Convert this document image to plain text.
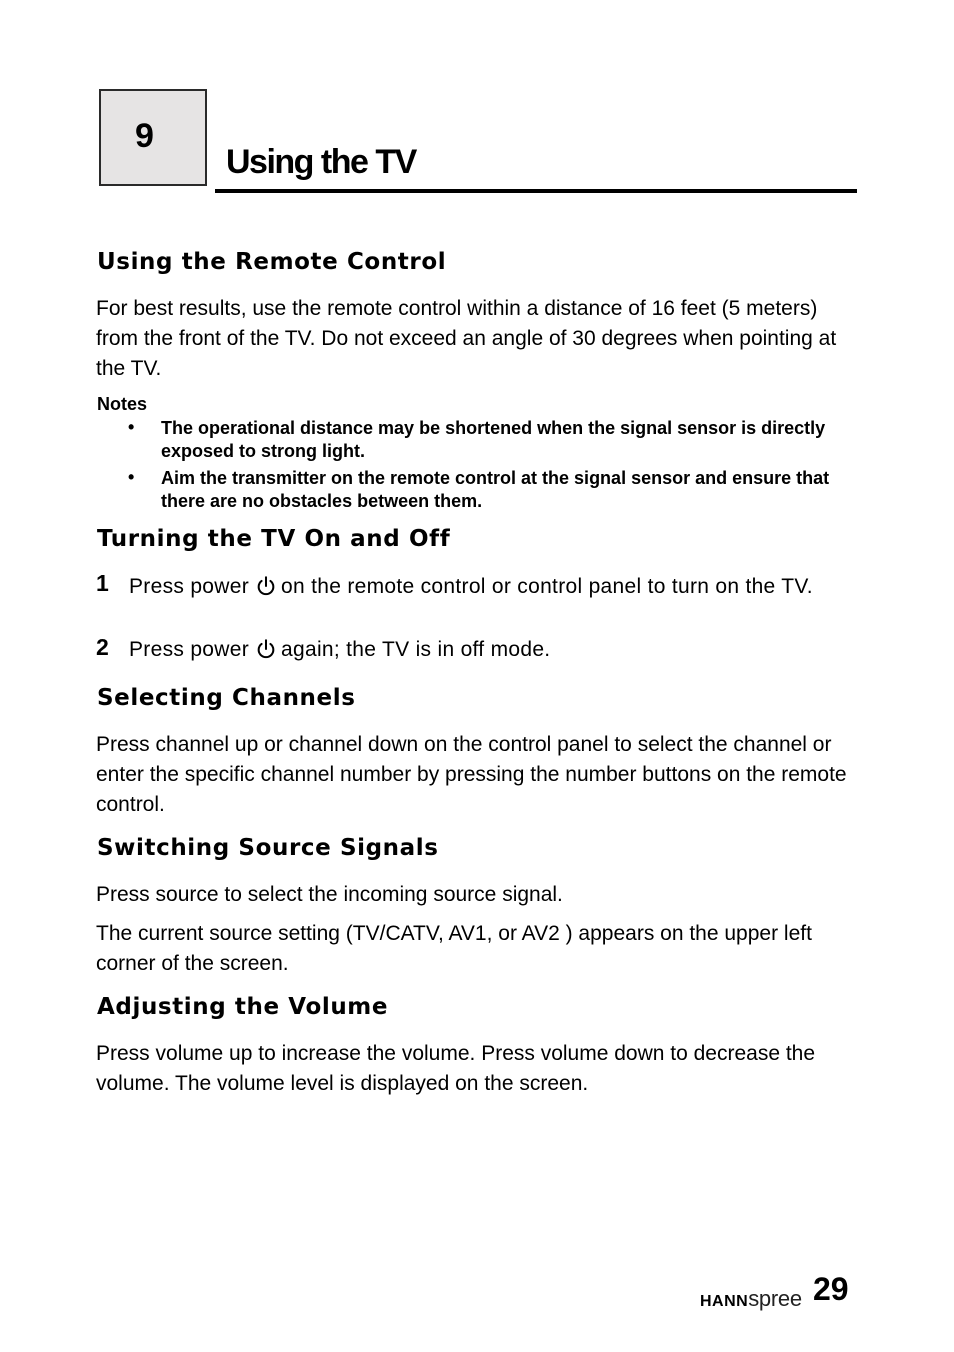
9
Using the TV
Using the Remote Control

For best results, use the remote control within a distance of 16 feet (5 meters) from the front of the TV. Do not exceed an angle of 30 degrees when pointing at the TV.

Notes
• The operational distance may be shortened when the signal sensor is directly exposed to strong light.

• Aim the transmitter on the remote control at the signal sensor and ensure that there are no obstacles between them.

Turning the TV On and Off
1 Press power on the remote control or control panel to turn on the TV.

2 Press power again; the TV is in off mode.

Selecting Channels

Press channel up or channel down on the control panel to select the channel or enter the specific channel number by pressing the number buttons on the remote control.

Switching Source Signals

Press source to select the incoming source signal.

The current source setting (TV/CATV, AV1, or AV2 ) appears on the upper left corner of the screen.

Adjusting the Volume

Press volume up to increase the volume. Press volume down to decrease the volume. The volume level is displayed on the screen.

HANNspree 29
